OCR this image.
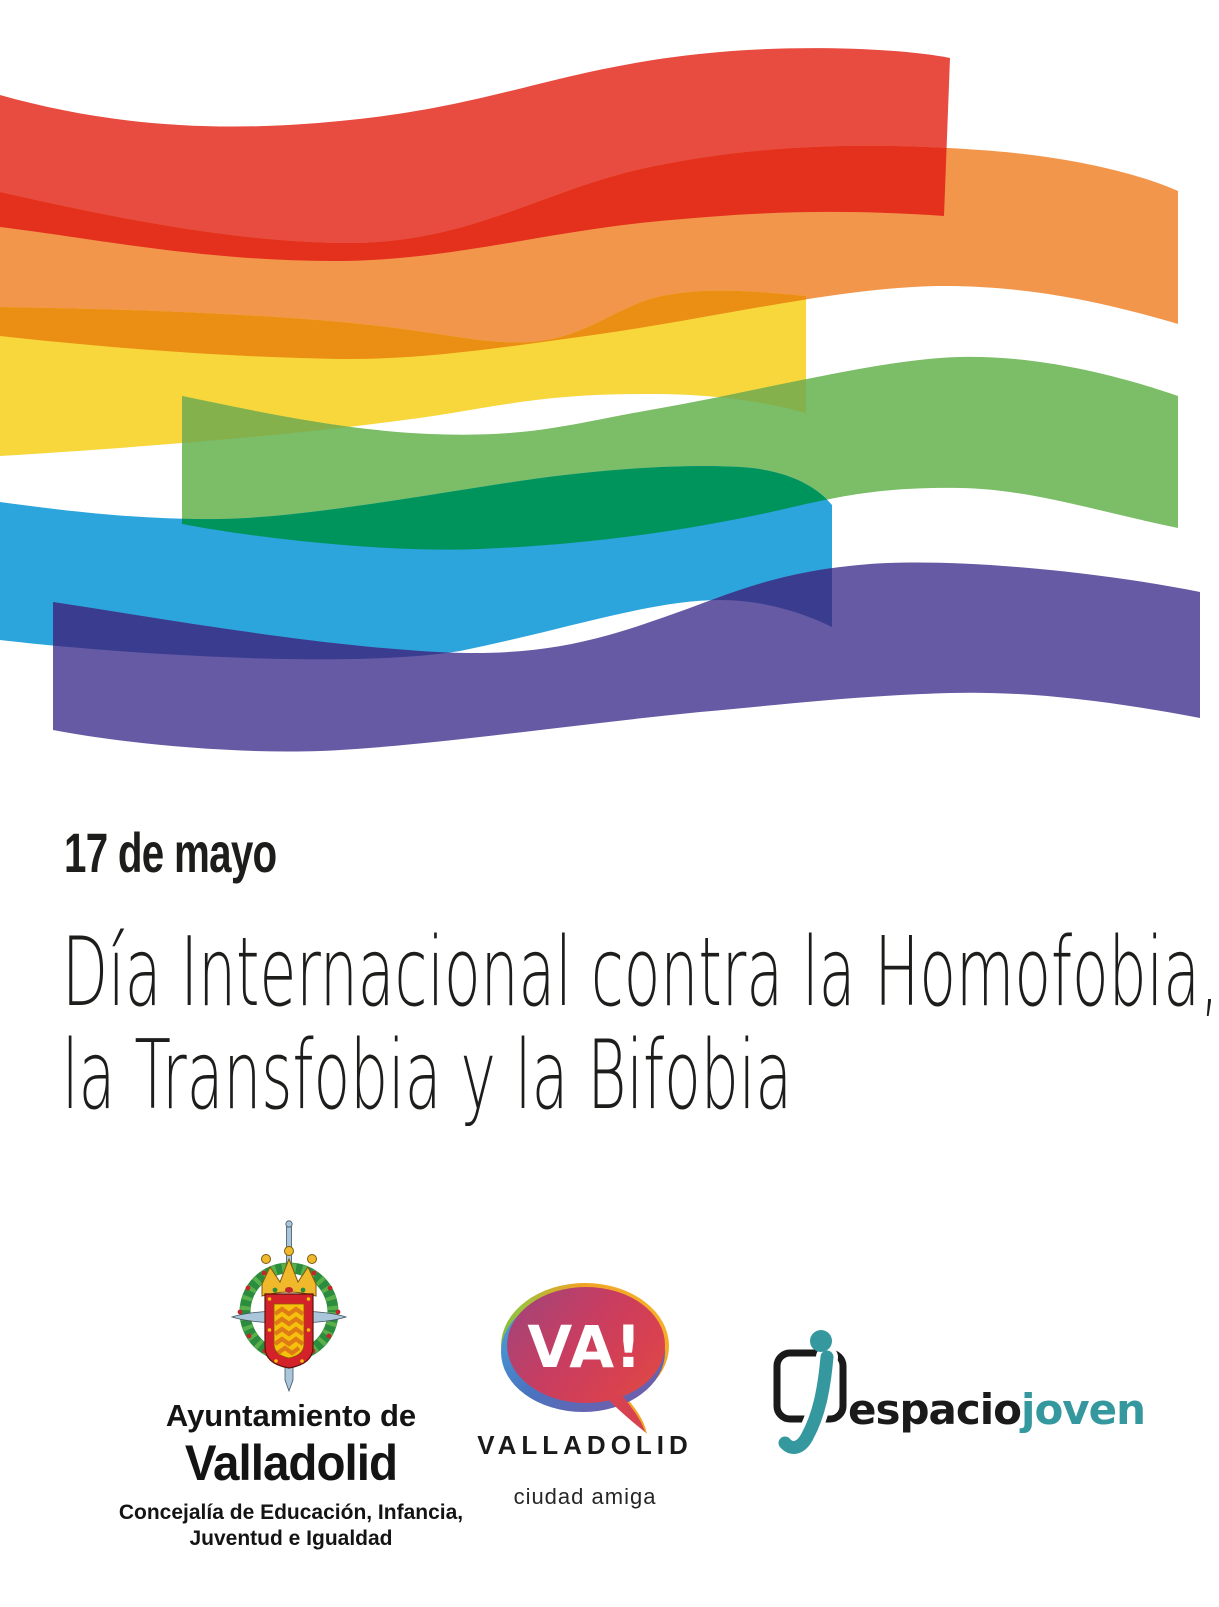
17 de mayo
Día Internacional contra la Homofobia,
la Transfobia y la Bifobia
Ayuntamiento de
Valladolid
Concejalía de Educación, Infancia,
Juventud e Igualdad
VA!
VALLADOLID
ciudad amiga
espaciojoven
